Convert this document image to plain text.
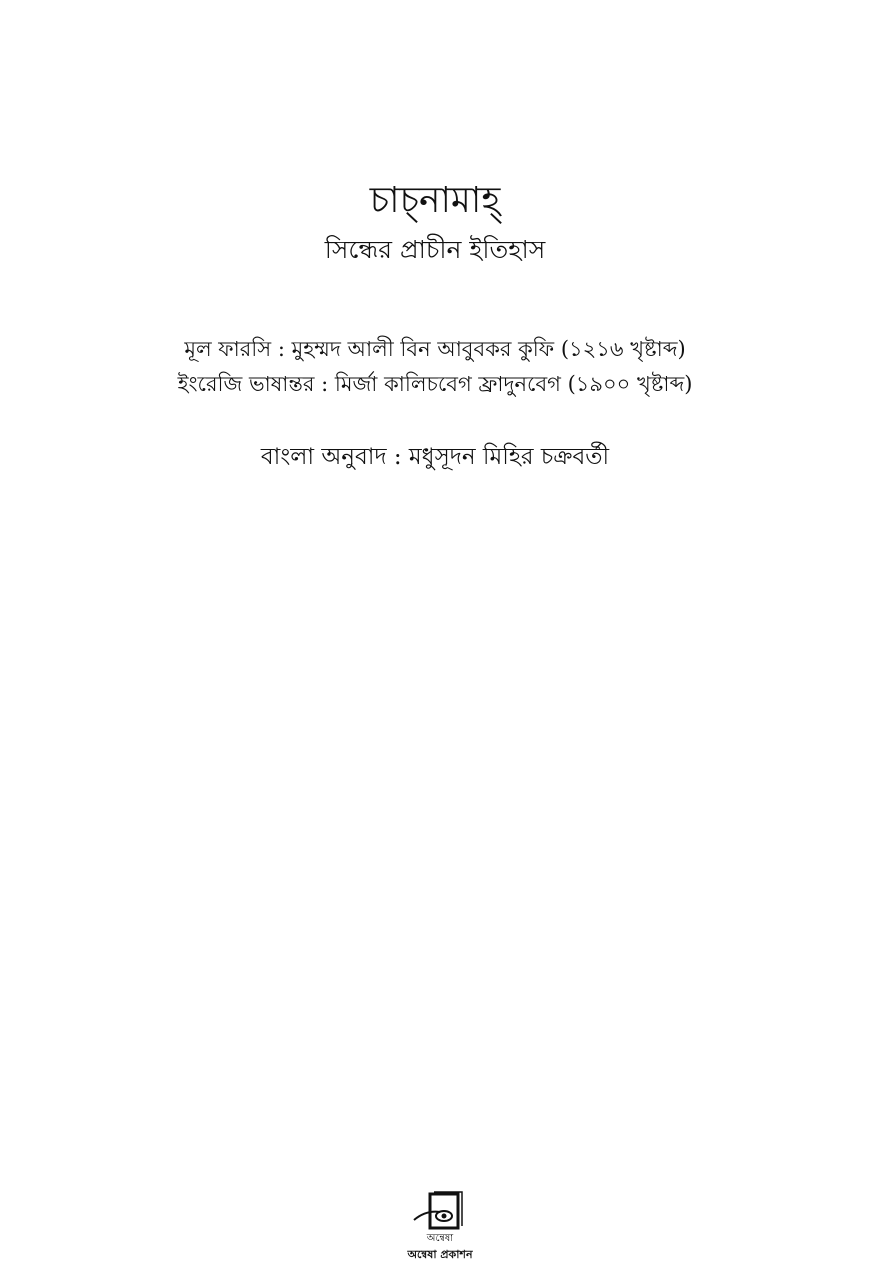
চাচ্‌নামাহ্‌
সিন্ধের প্রাচীন ইতিহাস
মূল ফারসি : মুহম্মদ আলী বিন আবুবকর কুফি (১২১৬ খৃষ্টাব্দ)
ইংরেজি ভাষান্তর : মির্জা কালিচবেগ ফ্রাদুনবেগ (১৯০০ খৃষ্টাব্দ)
বাংলা অনুবাদ : মধুসূদন মিহির চক্রবর্তী
অন্বেষা
অন্বেষা প্রকাশন
